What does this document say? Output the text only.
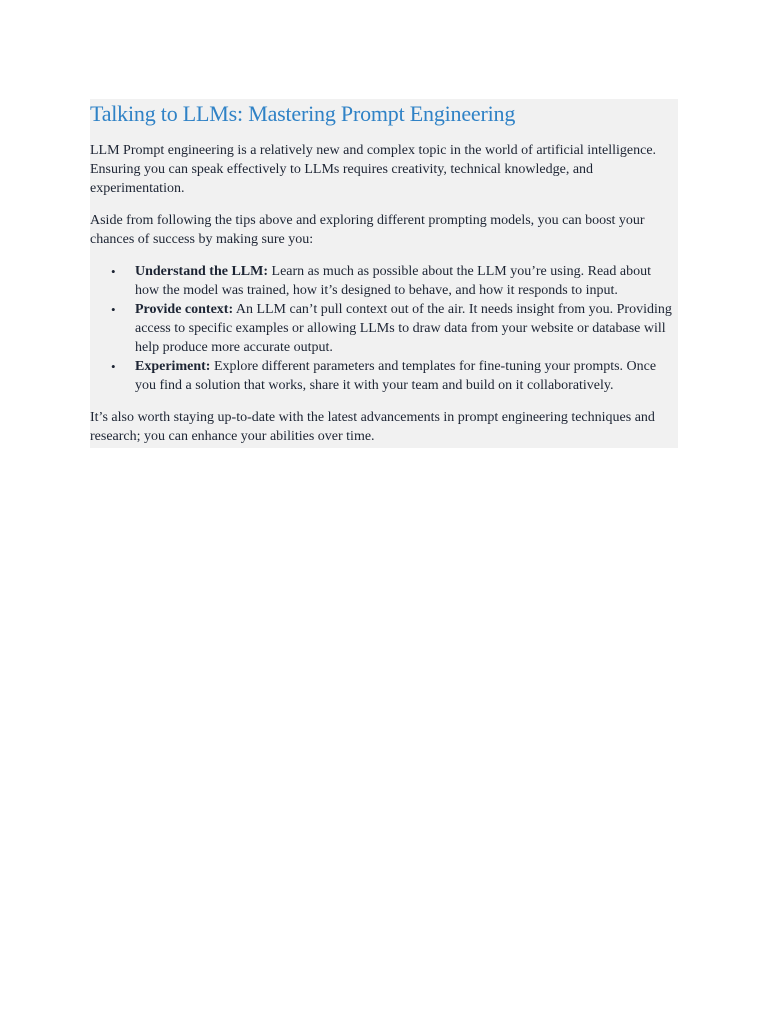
Talking to LLMs: Mastering Prompt Engineering

LLM Prompt engineering is a relatively new and complex topic in the world of artificial intelligence. Ensuring you can speak effectively to LLMs requires creativity, technical knowledge, and experimentation.

Aside from following the tips above and exploring different prompting models, you can boost your chances of success by making sure you:

• Understand the LLM: Learn as much as possible about the LLM you’re using. Read about how the model was trained, how it’s designed to behave, and how it responds to input.
• Provide context: An LLM can’t pull context out of the air. It needs insight from you. Providing access to specific examples or allowing LLMs to draw data from your website or database will help produce more accurate output.
• Experiment: Explore different parameters and templates for fine-tuning your prompts. Once you find a solution that works, share it with your team and build on it collaboratively.

It’s also worth staying up-to-date with the latest advancements in prompt engineering techniques and research; you can enhance your abilities over time.
